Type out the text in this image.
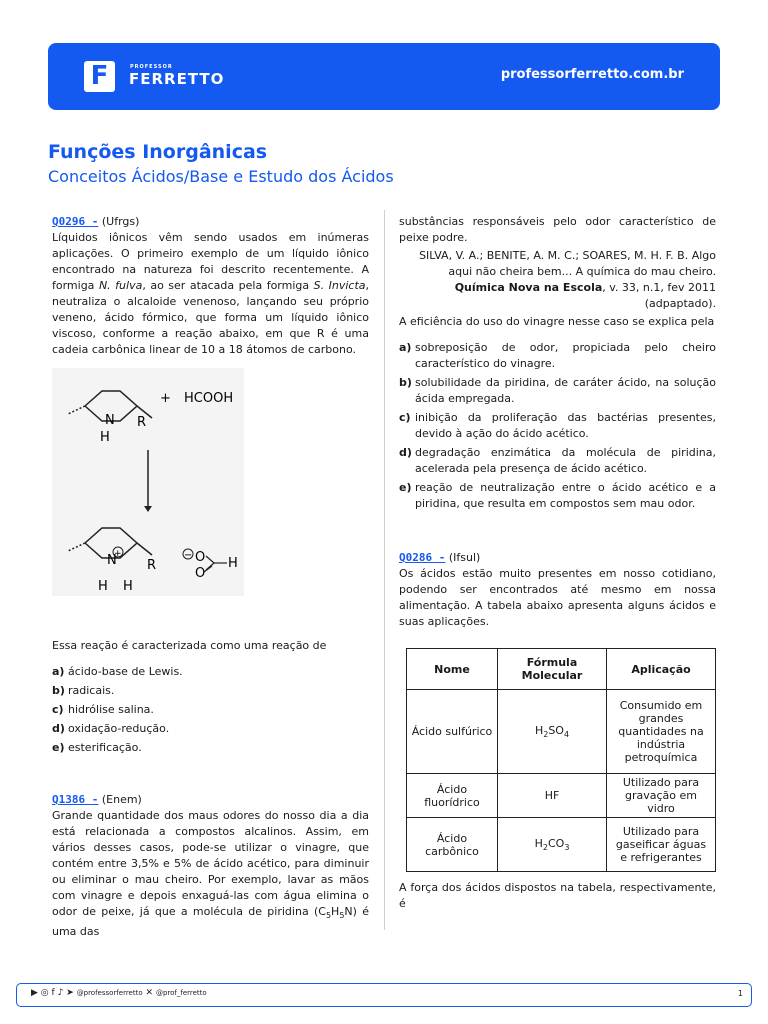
F	PROFESSOR
FERRETTO	professorferretto.com.br
Funções Inorgânicas
Conceitos Ácidos/Base e Estudo dos Ácidos
Q0296 - (Ufrgs)
Líquidos iônicos vêm sendo usados em inúmeras aplicações. O primeiro exemplo de um líquido iônico encontrado na natureza foi descrito recentemente. A formiga N. fulva, ao ser atacada pela formiga S. Invicta, neutraliza o alcaloide venenoso, lançando seu próprio veneno, ácido fórmico, que forma um líquido iônico viscoso, conforme a reação abaixo, em que R é uma cadeia carbônica linear de 10 a 18 átomos de carbono.
N
H
R
+ HCOOH
+
N
H H
R
− O
O
H
Essa reação é caracterizada como uma reação de
a) ácido-base de Lewis.
b) radicais.
c) hidrólise salina.
d) oxidação-redução.
e) esterificação.
Q1386 - (Enem)
Grande quantidade dos maus odores do nosso dia a dia está relacionada a compostos alcalinos. Assim, em vários desses casos, pode-se utilizar o vinagre, que contém entre 3,5% e 5% de ácido acético, para diminuir ou eliminar o mau cheiro. Por exemplo, lavar as mãos com vinagre e depois enxaguá-las com água elimina o odor de peixe, já que a molécula de piridina $(C_5H_5N)$ é uma das
substâncias responsáveis pelo odor característico de peixe podre.
SILVA, V. A.; BENITE, A. M. C.; SOARES, M. H. F. B. Algo aqui não cheira bem... A química do mau cheiro. Química Nova na Escola, v. 33, n.1, fev 2011 (adpaptado).
A eficiência do uso do vinagre nesse caso se explica pela
a) sobreposição de odor, propiciada pelo cheiro característico do vinagre.
b) solubilidade da piridina, de caráter ácido, na solução ácida empregada.
c) inibição da proliferação das bactérias presentes, devido à ação do ácido acético.
d) degradação enzimática da molécula de piridina, acelerada pela presença de ácido acético.
e) reação de neutralização entre o ácido acético e a piridina, que resulta em compostos sem mau odor.
Q0286 - (Ifsul)
Os ácidos estão muito presentes em nosso cotidiano, podendo ser encontrados até mesmo em nossa alimentação. A tabela abaixo apresenta alguns ácidos e suas aplicações.
Nome	Fórmula Molecular	Aplicação
Ácido sulfúrico	$H_2SO_4$	Consumido em grandes quantidades na indústria petroquímica
Ácido fluorídrico	HF	Utilizado para gravação em vidro
Ácido carbônico	$H_2CO_3$	Utilizado para gaseificar águas e refrigerantes
A força dos ácidos dispostos na tabela, respectivamente, é
▶ ◎ f ♪ ➤ @professorferretto ✕ @prof_ferretto	1
